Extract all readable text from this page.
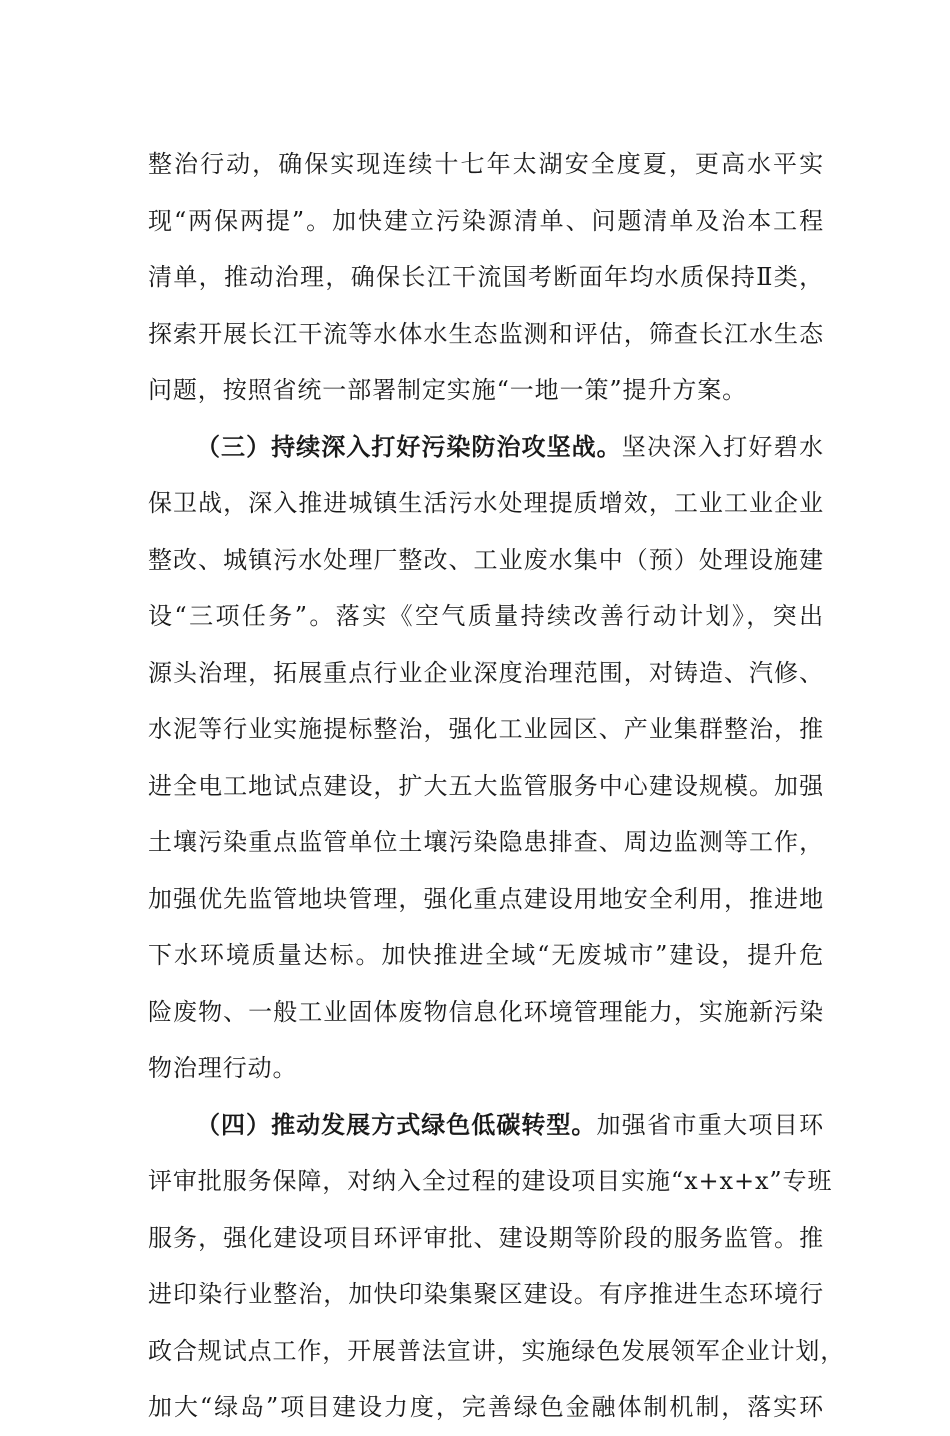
整治行动，确保实现连续十七年太湖安全度夏，更高水平实
现“两保两提”。加快建立污染源清单、问题清单及治本工程
清单，推动治理，确保长江干流国考断面年均水质保持Ⅱ类，
探索开展长江干流等水体水生态监测和评估，筛查长江水生态
问题，按照省统一部署制定实施“一地一策”提升方案。
（三）持续深入打好污染防治攻坚战。坚决深入打好碧水
保卫战，深入推进城镇生活污水处理提质增效，工业工业企业
整改、城镇污水处理厂整改、工业废水集中（预）处理设施建
设“三项任务”。落实《空气质量持续改善行动计划》，突出
源头治理，拓展重点行业企业深度治理范围，对铸造、汽修、
水泥等行业实施提标整治，强化工业园区、产业集群整治，推
进全电工地试点建设，扩大五大监管服务中心建设规模。加强
土壤污染重点监管单位土壤污染隐患排查、周边监测等工作，
加强优先监管地块管理，强化重点建设用地安全利用，推进地
下水环境质量达标。加快推进全域“无废城市”建设，提升危
险废物、一般工业固体废物信息化环境管理能力，实施新污染
物治理行动。
（四）推动发展方式绿色低碳转型。加强省市重大项目环
评审批服务保障，对纳入全过程的建设项目实施“x+x+x”专班
服务，强化建设项目环评审批、建设期等阶段的服务监管。推
进印染行业整治，加快印染集聚区建设。有序推进生态环境行
政合规试点工作，开展普法宣讲，实施绿色发展领军企业计划，
加大“绿岛”项目建设力度，完善绿色金融体制机制，落实环
